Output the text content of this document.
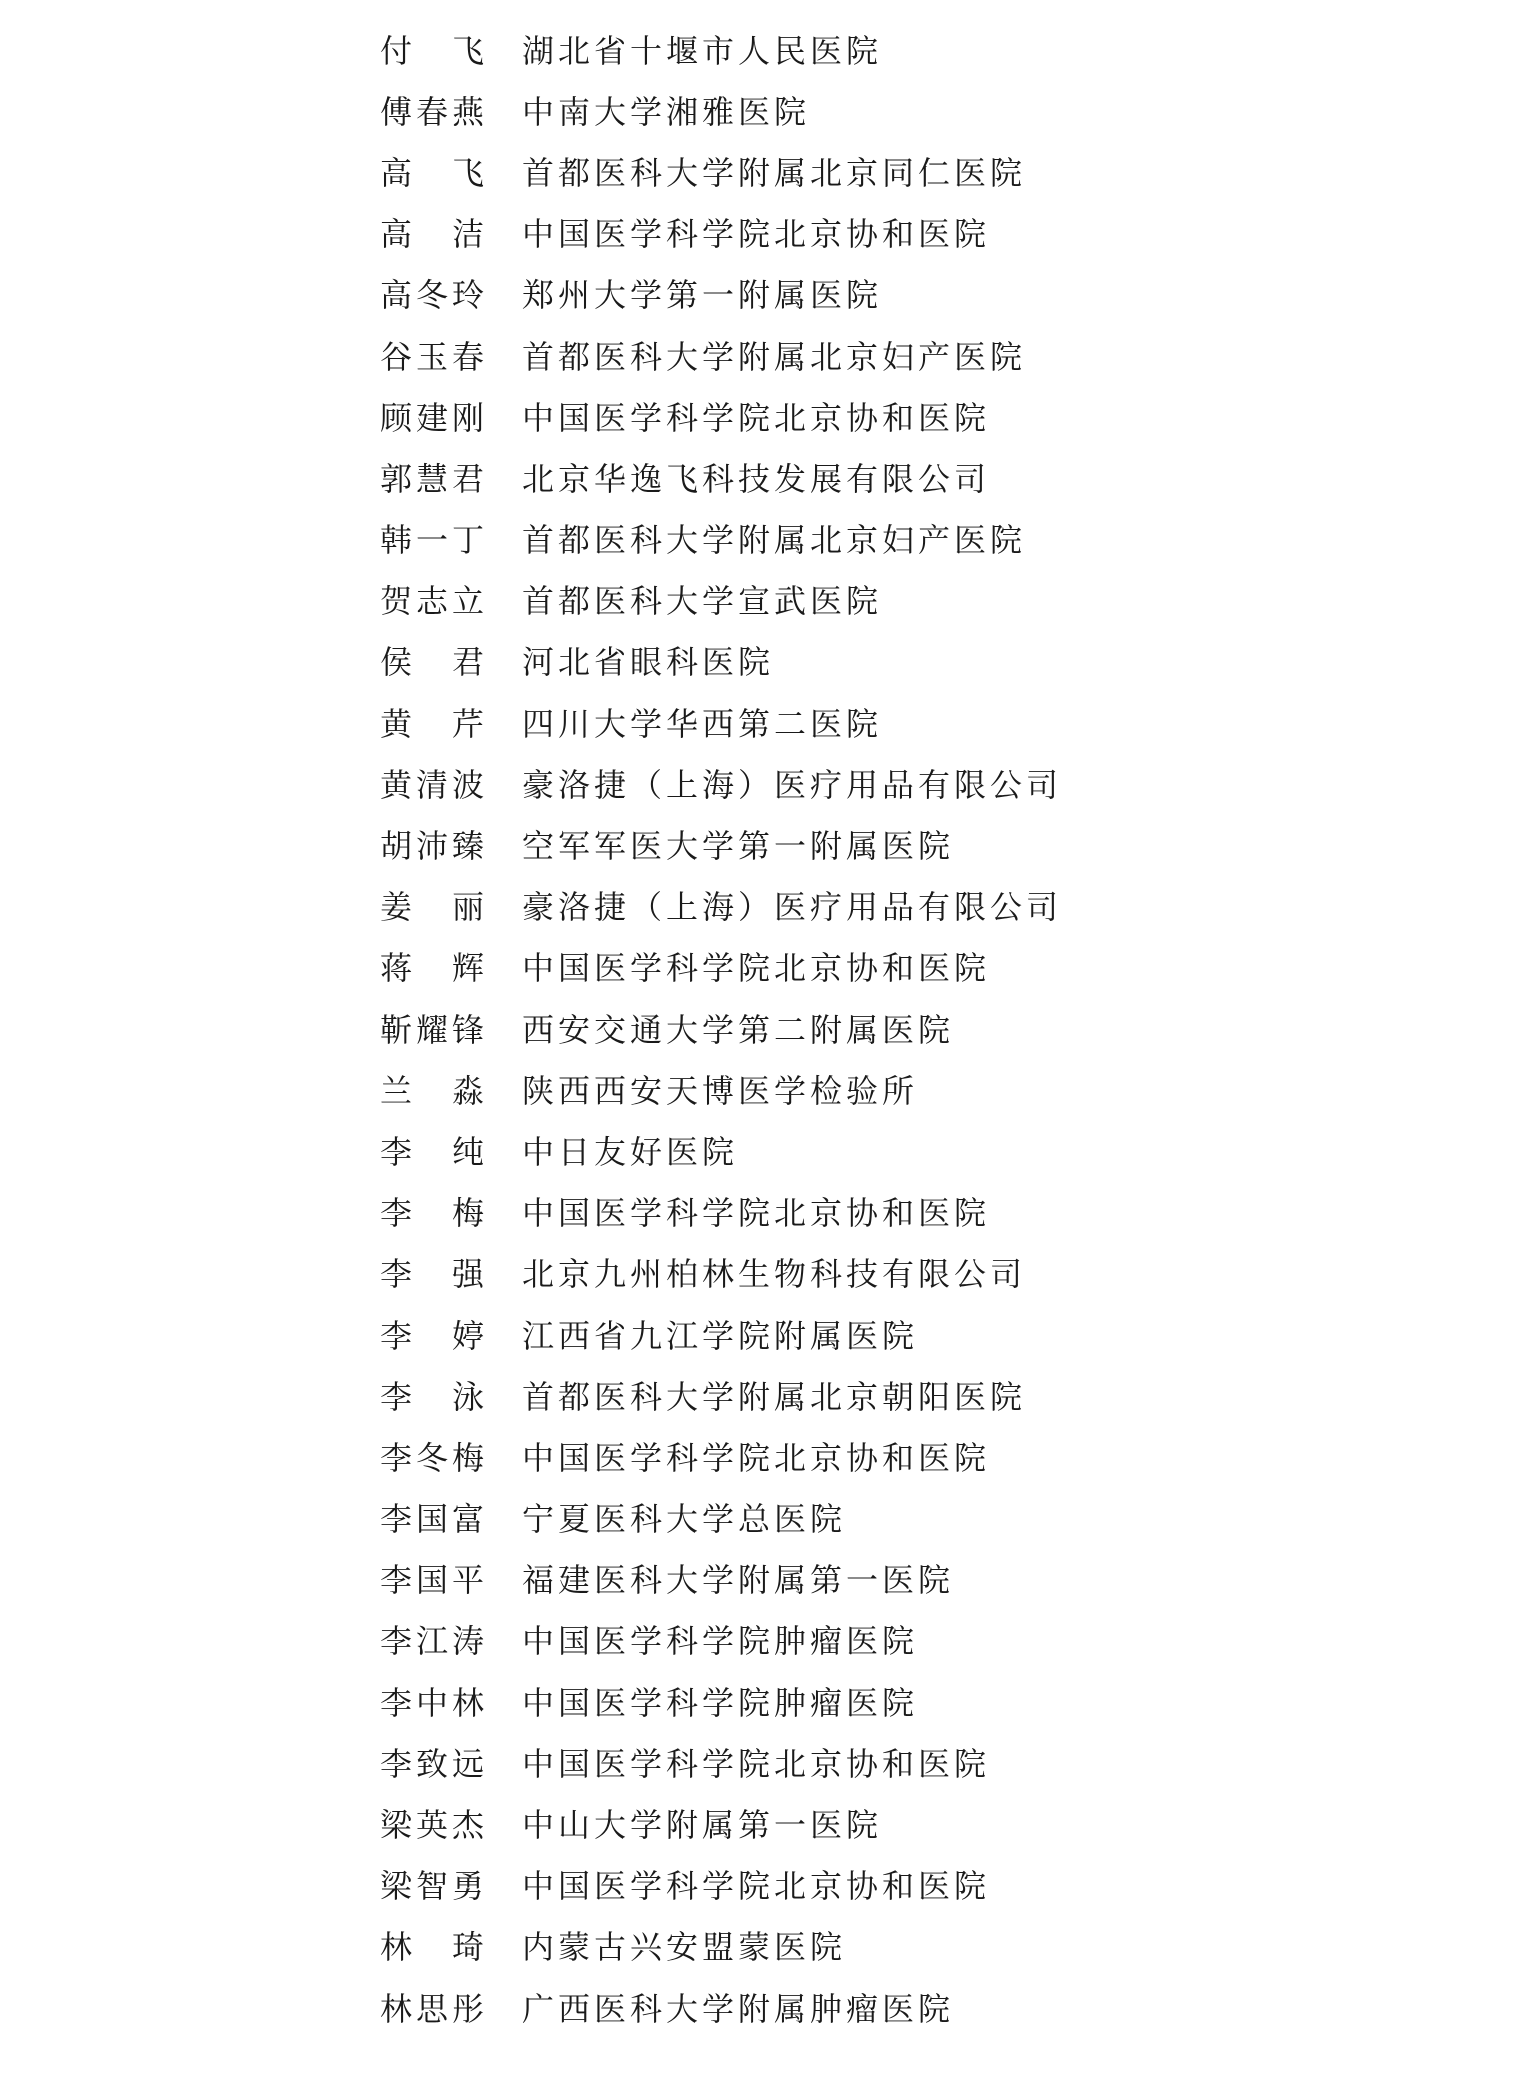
付　飞 湖北省十堰市人民医院
傅春燕 中南大学湘雅医院
高　飞 首都医科大学附属北京同仁医院
高　洁 中国医学科学院北京协和医院
高冬玲 郑州大学第一附属医院
谷玉春 首都医科大学附属北京妇产医院
顾建刚 中国医学科学院北京协和医院
郭慧君 北京华逸飞科技发展有限公司
韩一丁 首都医科大学附属北京妇产医院
贺志立 首都医科大学宣武医院
侯　君 河北省眼科医院
黄　芹 四川大学华西第二医院
黄清波 豪洛捷（上海）医疗用品有限公司
胡沛臻 空军军医大学第一附属医院
姜　丽 豪洛捷（上海）医疗用品有限公司
蒋　辉 中国医学科学院北京协和医院
靳耀锋 西安交通大学第二附属医院
兰　淼 陕西西安天博医学检验所
李　纯 中日友好医院
李　梅 中国医学科学院北京协和医院
李　强 北京九州柏林生物科技有限公司
李　婷 江西省九江学院附属医院
李　泳 首都医科大学附属北京朝阳医院
李冬梅 中国医学科学院北京协和医院
李国富 宁夏医科大学总医院
李国平 福建医科大学附属第一医院
李江涛 中国医学科学院肿瘤医院
李中林 中国医学科学院肿瘤医院
李致远 中国医学科学院北京协和医院
梁英杰 中山大学附属第一医院
梁智勇 中国医学科学院北京协和医院
林　琦 内蒙古兴安盟蒙医院
林思彤 广西医科大学附属肿瘤医院
